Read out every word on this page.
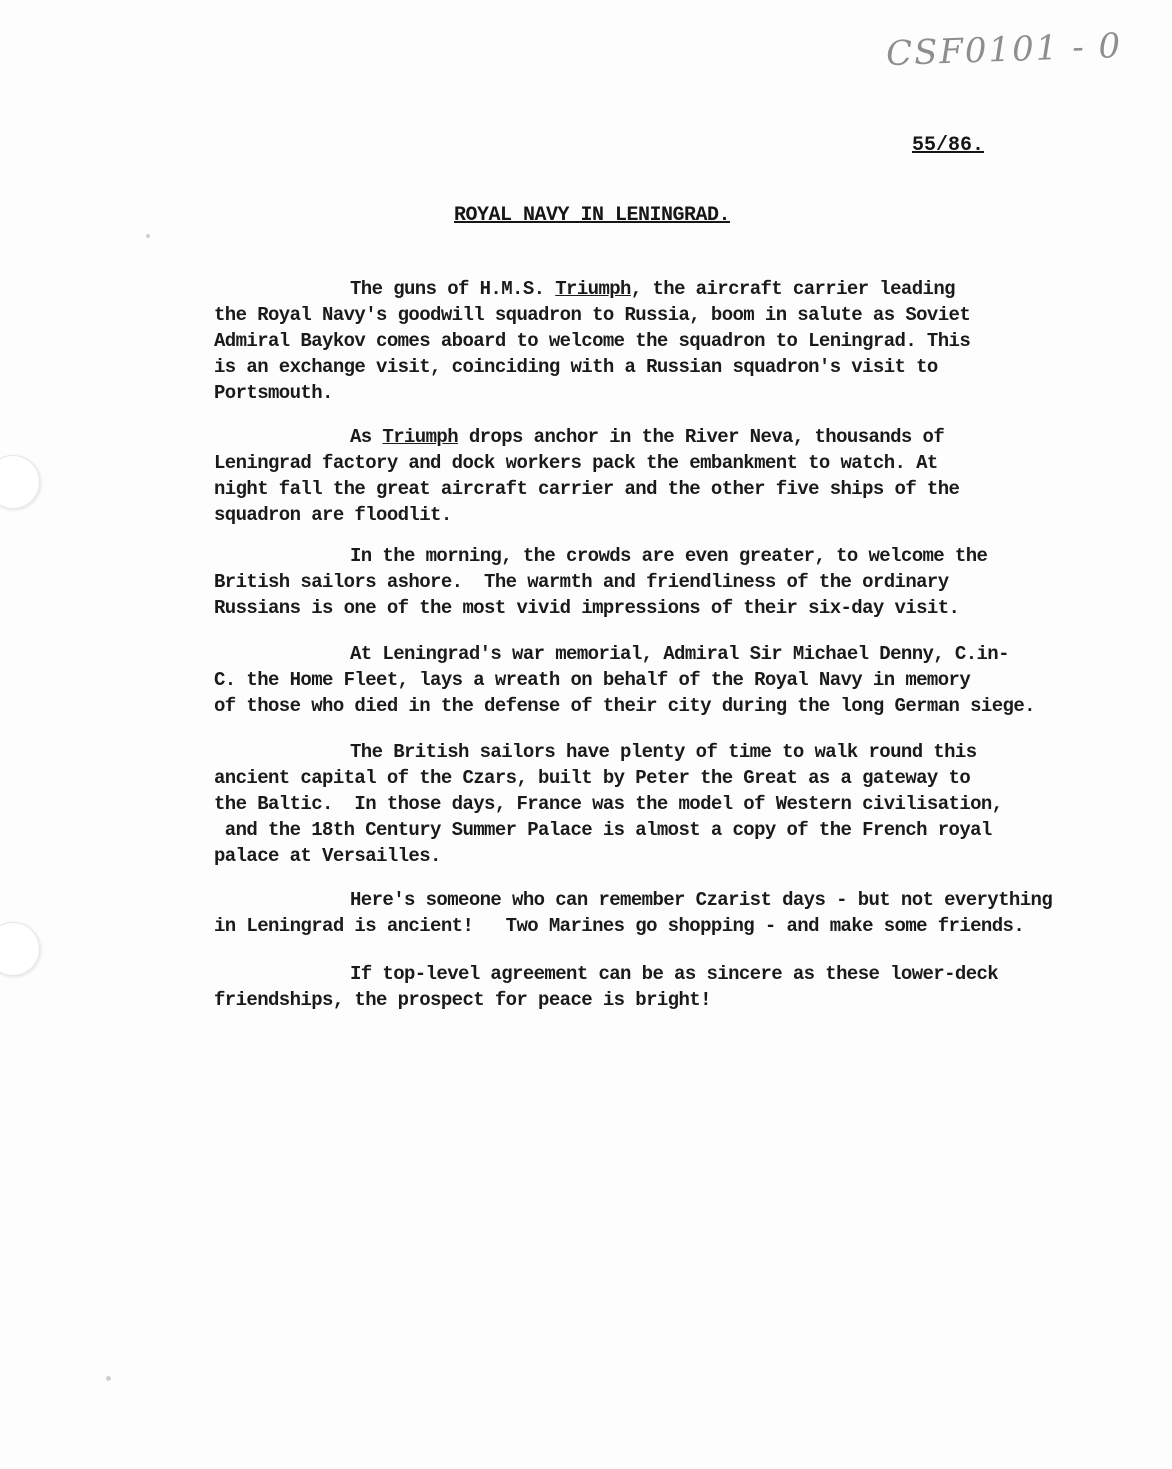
CSF0101 - 0
55/86.
ROYAL NAVY IN LENINGRAD.
The guns of H.M.S. Triumph, the aircraft carrier leading
the Royal Navy's goodwill squadron to Russia, boom in salute as Soviet
Admiral Baykov comes aboard to welcome the squadron to Leningrad. This
is an exchange visit, coinciding with a Russian squadron's visit to
Portsmouth.
As Triumph drops anchor in the River Neva, thousands of
Leningrad factory and dock workers pack the embankment to watch. At
night fall the great aircraft carrier and the other five ships of the
squadron are floodlit.
In the morning, the crowds are even greater, to welcome the
British sailors ashore.  The warmth and friendliness of the ordinary
Russians is one of the most vivid impressions of their six-day visit.
At Leningrad's war memorial, Admiral Sir Michael Denny, C.in-
C. the Home Fleet, lays a wreath on behalf of the Royal Navy in memory
of those who died in the defense of their city during the long German siege.
The British sailors have plenty of time to walk round this
ancient capital of the Czars, built by Peter the Great as a gateway to
the Baltic.  In those days, France was the model of Western civilisation,
and the 18th Century Summer Palace is almost a copy of the French royal
palace at Versailles.
Here's someone who can remember Czarist days - but not everything
in Leningrad is ancient!   Two Marines go shopping - and make some friends.
If top-level agreement can be as sincere as these lower-deck
friendships, the prospect for peace is bright!
